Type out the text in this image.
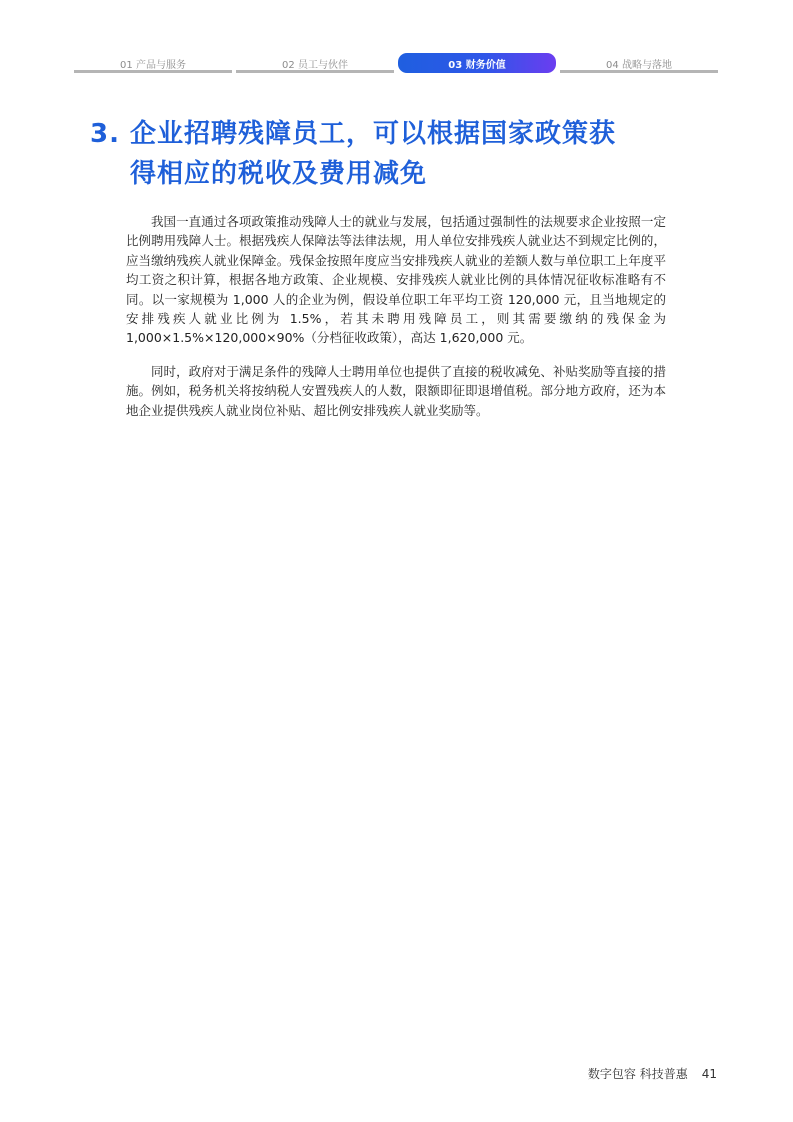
01 产品与服务	02 员工与伙伴	03 财务价值	04 战略与落地
3. 企业招聘残障员工，可以根据国家政策获
得相应的税收及费用减免

我国一直通过各项政策推动残障人士的就业与发展，包括通过强制性的法规要求企业按照一定比例聘用残障人士。根据残疾人保障法等法律法规，用人单位安排残疾人就业达不到规定比例的，应当缴纳残疾人就业保障金。残保金按照年度应当安排残疾人就业的差额人数与单位职工上年度平均工资之积计算，根据各地方政策、企业规模、安排残疾人就业比例的具体情况征收标准略有不同。以一家规模为 1,000 人的企业为例，假设单位职工年平均工资 120,000 元，且当地规定的安排残疾人就业比例为 1.5%，若其未聘用残障员工，则其需要缴纳的残保金为 1,000×1.5%×120,000×90%（分档征收政策），高达 1,620,000 元。

同时，政府对于满足条件的残障人士聘用单位也提供了直接的税收减免、补贴奖励等直接的措施。例如，税务机关将按纳税人安置残疾人的人数，限额即征即退增值税。部分地方政府，还为本地企业提供残疾人就业岗位补贴、超比例安排残疾人就业奖励等。

数字包容 科技普惠 41
